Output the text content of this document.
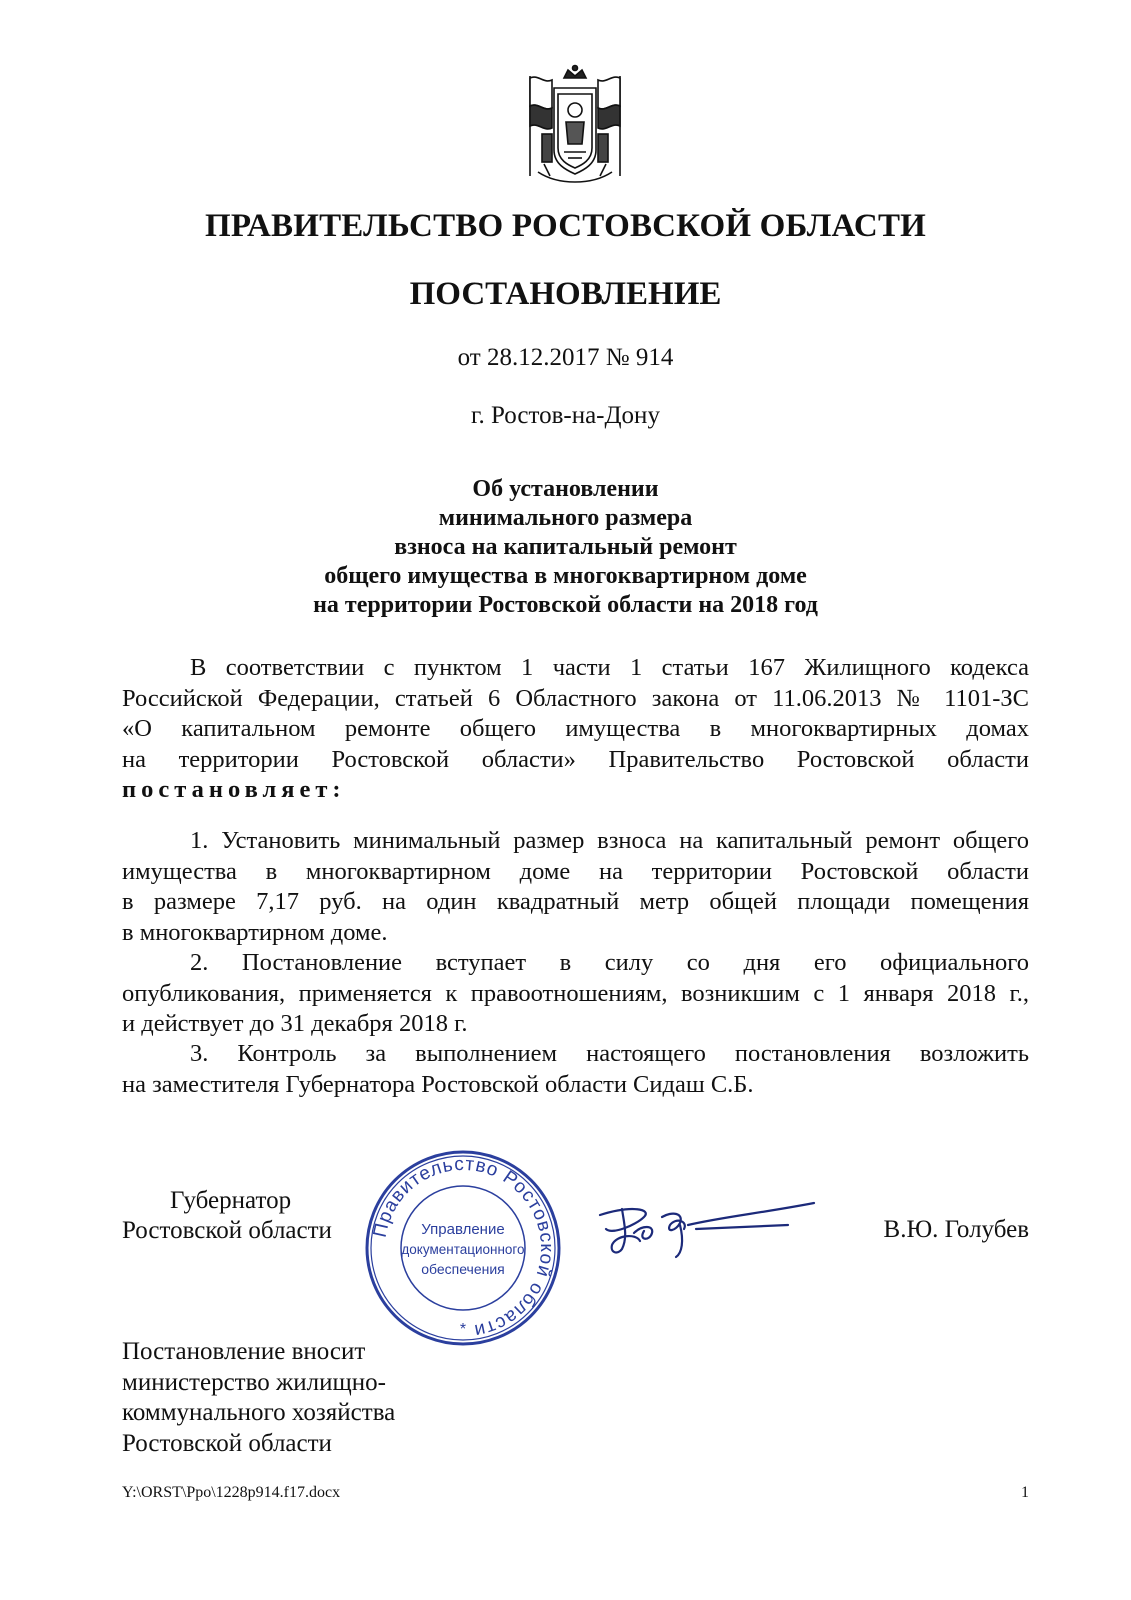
ПРАВИТЕЛЬСТВО РОСТОВСКОЙ ОБЛАСТИ
ПОСТАНОВЛЕНИЕ
от 28.12.2017 № 914
г. Ростов-на-Дону
Об установлении
минимального размера
взноса на капитальный ремонт
общего имущества в многоквартирном доме
на территории Ростовской области на 2018 год
В соответствии с пунктом 1 части 1 статьи 167 Жилищного кодекса
Российской Федерации, статьей 6 Областного закона от 11.06.2013 № 1101-ЗС
«О капитальном ремонте общего имущества в многоквартирных домах
на территории Ростовской области» Правительство Ростовской области
постановляет:
1. Установить минимальный размер взноса на капитальный ремонт общего
имущества в многоквартирном доме на территории Ростовской области
в размере 7,17 руб. на один квадратный метр общей площади помещения
в многоквартирном доме.
2. Постановление вступает в силу со дня его официального
опубликования, применяется к правоотношениям, возникшим с 1 января 2018 г.,
и действует до 31 декабря 2018 г.
3. Контроль за выполнением настоящего постановления возложить
на заместителя Губернатора Ростовской области Сидаш С.Б.
Губернатор
Ростовской области Правительство Ростовской области
Управление
документационного
обеспечения
*
В.Ю. Голубев
Постановление вносит
министерство жилищно-
коммунального хозяйства
Ростовской области
Y:\ORST\Ppo\1228p914.f17.docx	1
